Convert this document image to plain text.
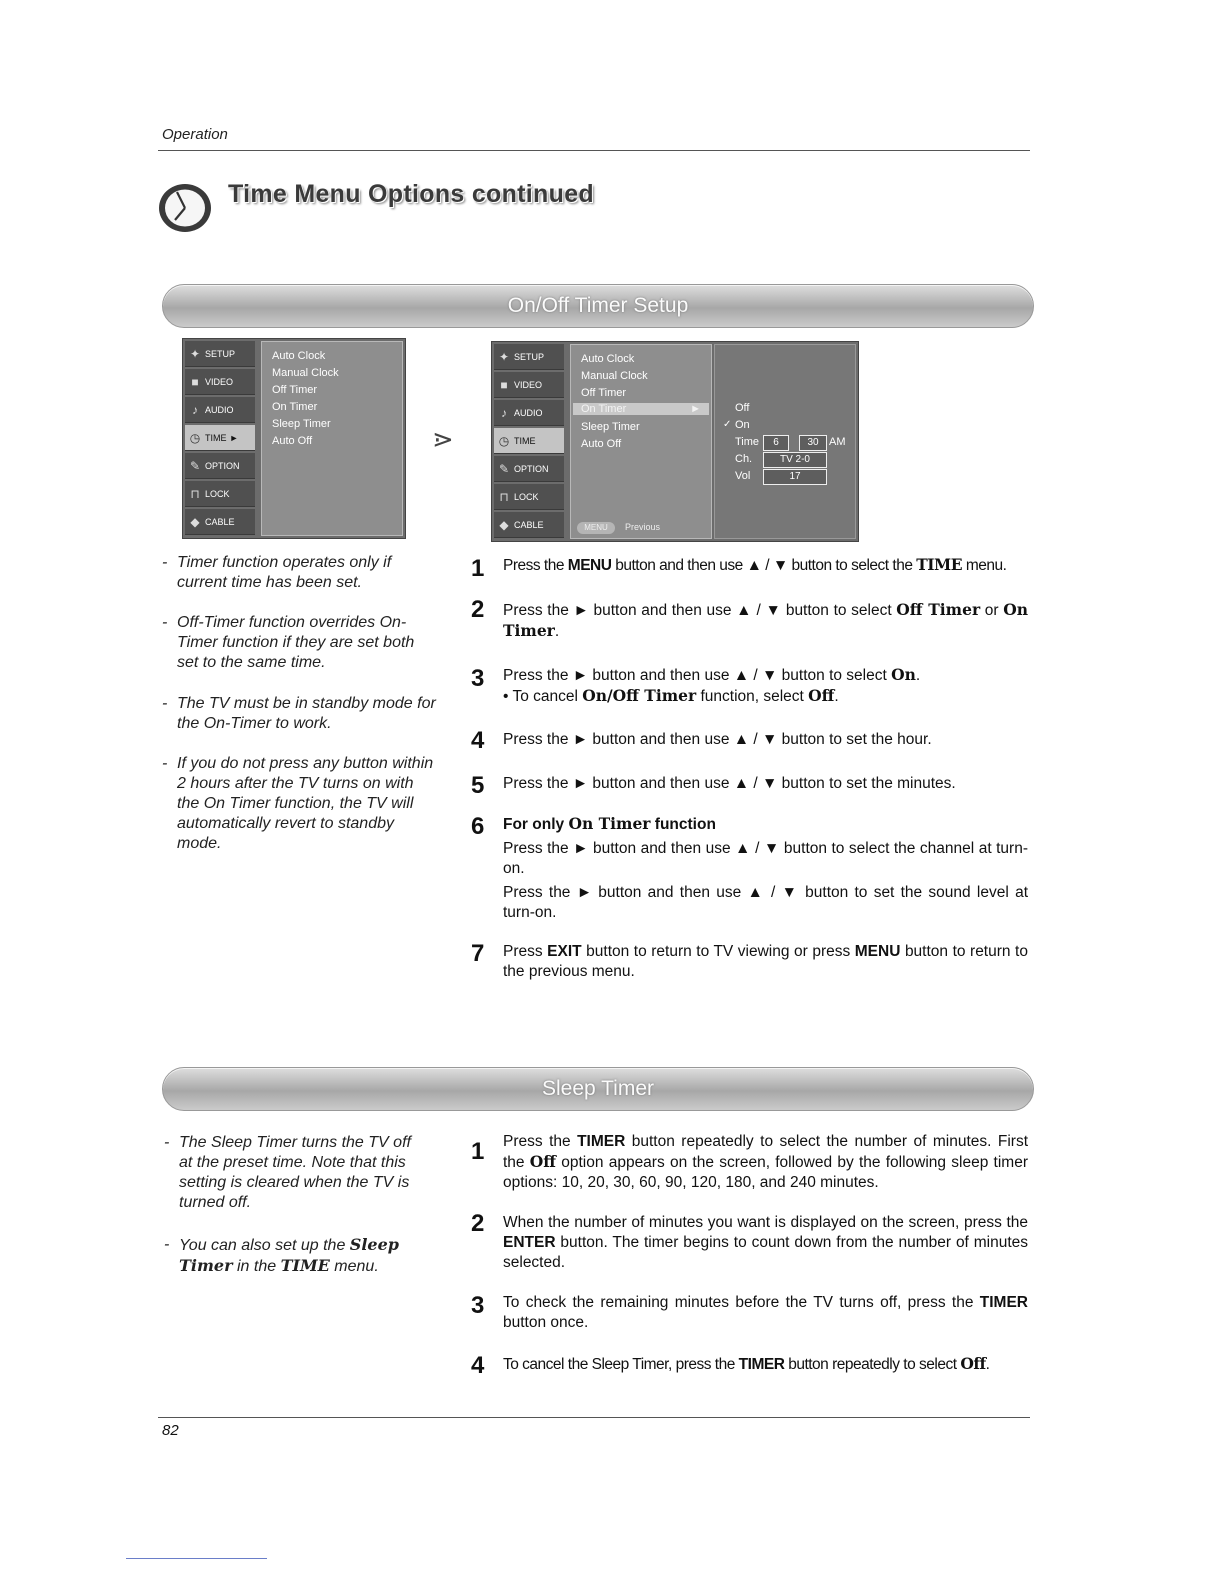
Operation
Time Menu Options continued
On/Off Timer Setup
✦ SETUP
■ VIDEO
♪ AUDIO
◷ TIME ►
✎ OPTION
⊓ LOCK
◆ CABLE
Auto Clock
Manual Clock
Off Timer
On Timer
Sleep Timer
Auto Off	⋗
✦ SETUP
■ VIDEO
♪ AUDIO
◷ TIME
✎ OPTION
⊓ LOCK
◆ CABLE
Auto Clock
Manual Clock
Off Timer
On Timer	►
Sleep Timer
Auto Off
MENU	Previous
Off
✓ On
Time	6	30 AM
Ch.	TV 2-0
Vol	17
- Timer function operates only if current time has been set.
- Off-Timer function overrides On-Timer function if they are set both set to the same time.
- The TV must be in standby mode for the On-Timer to work.
- If you do not press any button within 2 hours after the TV turns on with the On Timer function, the TV will automatically revert to standby mode.
1 Press the MENU button and then use ▲ / ▼ button to select the TIME menu.
2 Press the ► button and then use ▲ / ▼ button to select Off Timer or On Timer.
3 Press the ► button and then use ▲ / ▼ button to select On.
• To cancel On/Off Timer function, select Off.
4 Press the ► button and then use ▲ / ▼ button to set the hour.
5 Press the ► button and then use ▲ / ▼ button to set the minutes.
6 For only On Timer function

Press the ► button and then use ▲ / ▼ button to select the channel at turn-on.
Press the ► button and then use ▲ / ▼ button to set the sound level at turn-on.
7 Press EXIT button to return to TV viewing or press MENU button to return to the previous menu.
Sleep Timer
- The Sleep Timer turns the TV off at the preset time. Note that this setting is cleared when the TV is turned off.
- You can also set up the Sleep Timer in the TIME menu.
1 Press the TIMER button repeatedly to select the number of minutes. First the Off option appears on the screen, followed by the following sleep timer options: 10, 20, 30, 60, 90, 120, 180, and 240 minutes.
2 When the number of minutes you want is displayed on the screen, press the ENTER button. The timer begins to count down from the number of minutes selected.
3 To check the remaining minutes before the TV turns off, press the TIMER button once.
4 To cancel the Sleep Timer, press the TIMER button repeatedly to select Off.
82
